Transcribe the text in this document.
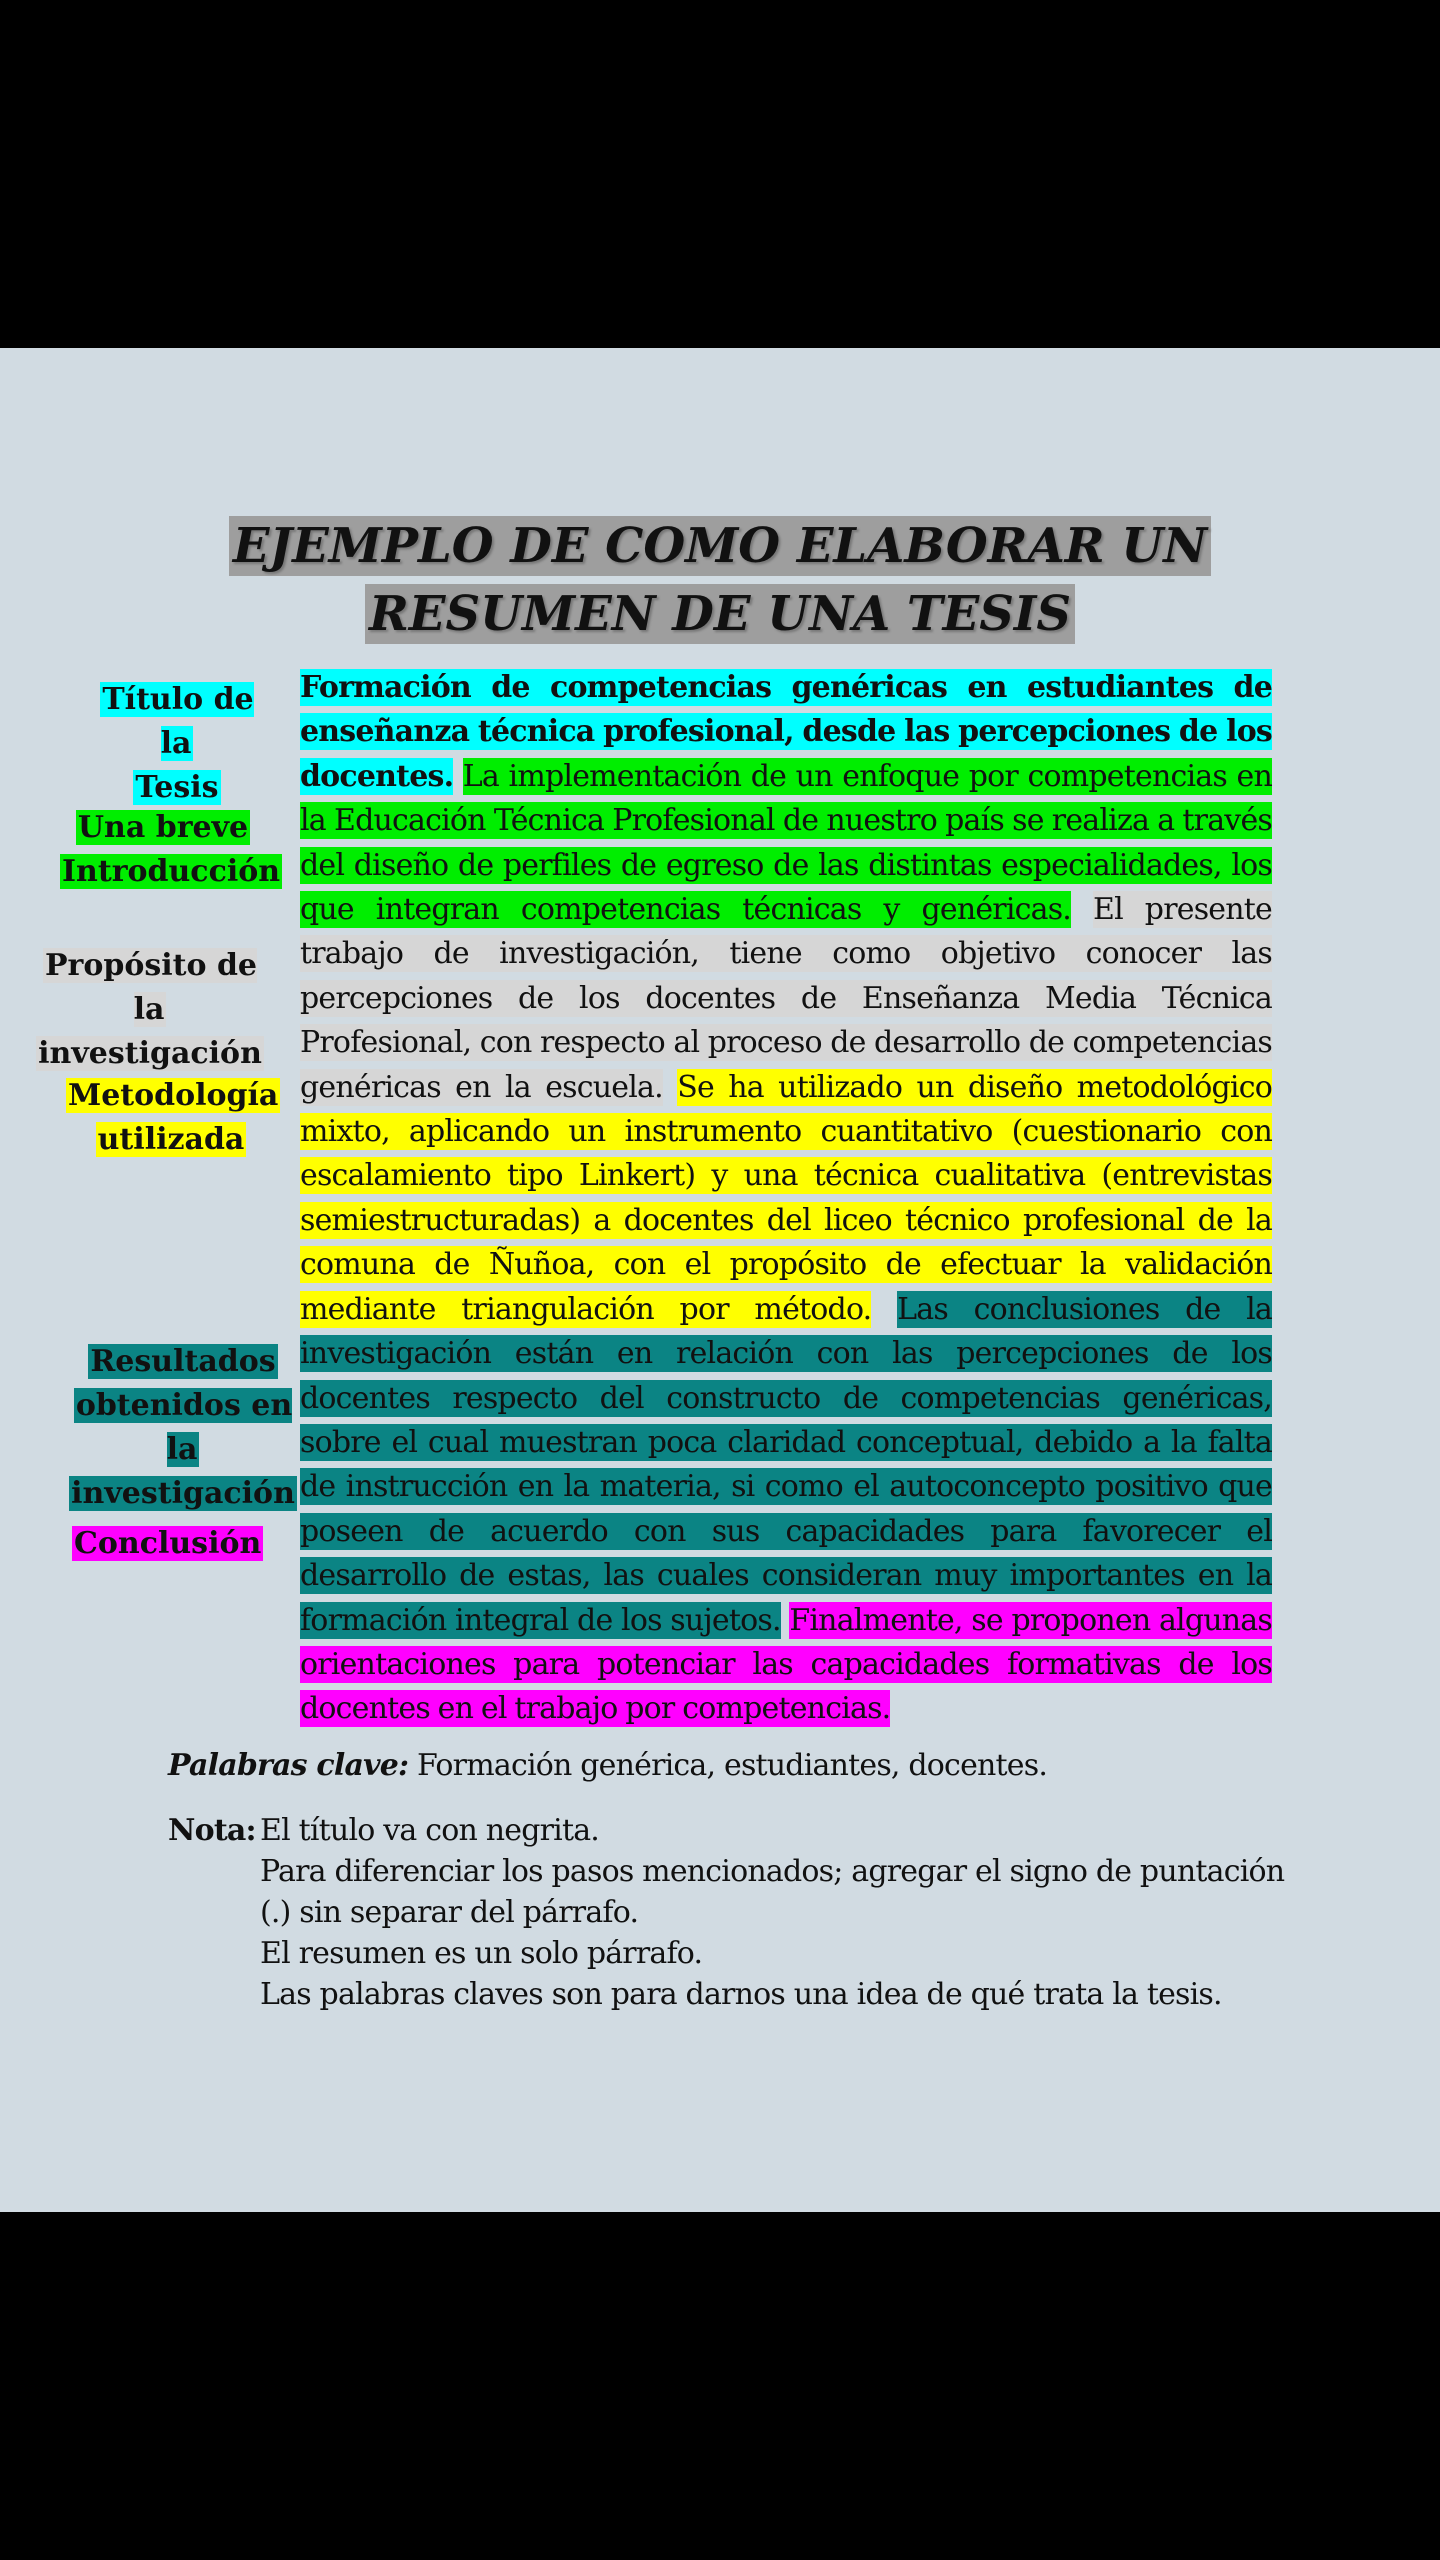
EJEMPLO DE COMO ELABORAR UN
RESUMEN DE UNA TESIS
Título de la
Tesis
Una breve
Introducción
Propósito de la
investigación
Metodología
utilizada
Resultados
obtenidos en la
investigación
Conclusión
Formación de competencias genéricas en estudiantes de enseñanza técnica profesional, desde las percepciones de los docentes. La implementación de un enfoque por competencias en la Educación Técnica Profesional de nuestro país se realiza a través del diseño de perfiles de egreso de las distintas especialidades, los que integran competencias técnicas y genéricas. El presente trabajo de investigación, tiene como objetivo conocer las percepciones de los docentes de Enseñanza Media Técnica Profesional, con respecto al proceso de desarrollo de competencias genéricas en la escuela. Se ha utilizado un diseño metodológico mixto, aplicando un instrumento cuantitativo (cuestionario con escalamiento tipo Linkert) y una técnica cualitativa (entrevistas semiestructuradas) a docentes del liceo técnico profesional de la comuna de Ñuñoa, con el propósito de efectuar la validación mediante triangulación por método. Las conclusiones de la investigación están en relación con las percepciones de los docentes respecto del constructo de competencias genéricas, sobre el cual muestran poca claridad conceptual, debido a la falta de instrucción en la materia, si como el autoconcepto positivo que poseen de acuerdo con sus capacidades para favorecer el desarrollo de estas, las cuales consideran muy importantes en la formación integral de los sujetos. Finalmente, se proponen algunas orientaciones para potenciar las capacidades formativas de los docentes en el trabajo por competencias.
Palabras clave: Formación genérica, estudiantes, docentes.
Nota: El título va con negrita.
Para diferenciar los pasos mencionados; agregar el signo de puntación
(.) sin separar del párrafo.
El resumen es un solo párrafo.
Las palabras claves son para darnos una idea de qué trata la tesis.
